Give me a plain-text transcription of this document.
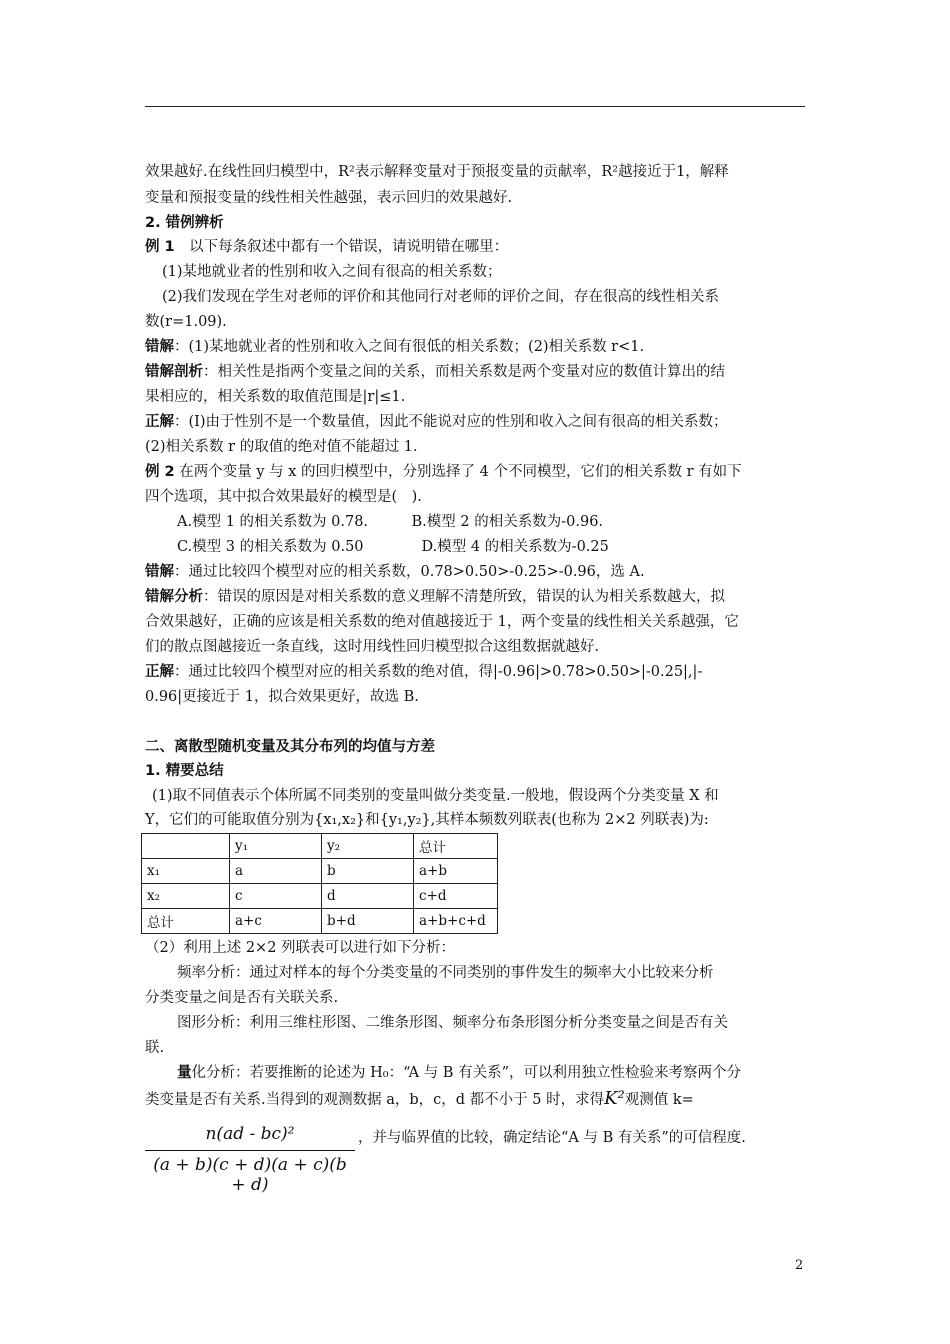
效果越好.在线性回归模型中，R²表示解释变量对于预报变量的贡献率，R²越接近于1，解释
变量和预报变量的线性相关性越强，表示回归的效果越好.
2. 错例辨析
例 1　以下每条叙述中都有一个错误，请说明错在哪里：
(1)某地就业者的性别和收入之间有很高的相关系数；
(2)我们发现在学生对老师的评价和其他同行对老师的评价之间，存在很高的线性相关系
数(r=1.09).
错解：(1)某地就业者的性别和收入之间有很低的相关系数；(2)相关系数 r<1.
错解剖析：相关性是指两个变量之间的关系，而相关系数是两个变量对应的数值计算出的结
果相应的，相关系数的取值范围是|r|≤1.
正解：(I)由于性别不是一个数量值，因此不能说对应的性别和收入之间有很高的相关系数；
(2)相关系数 r 的取值的绝对值不能超过 1.
例 2 在两个变量 y 与 x 的回归模型中，分别选择了 4 个不同模型，它们的相关系数 r 有如下
四个选项，其中拟合效果最好的模型是(　).
A.模型 1 的相关系数为 0.78.　　　B.模型 2 的相关系数为-0.96.
C.模型 3 的相关系数为 0.50　　　　D.模型 4 的相关系数为-0.25
错解：通过比较四个模型对应的相关系数，0.78>0.50>-0.25>-0.96，选 A.
错解分析：错误的原因是对相关系数的意义理解不清楚所致，错误的认为相关系数越大，拟
合效果越好，正确的应该是相关系数的绝对值越接近于 1，两个变量的线性相关关系越强，它
们的散点图越接近一条直线，这时用线性回归模型拟合这组数据就越好.
正解：通过比较四个模型对应的相关系数的绝对值，得|-0.96|>0.78>0.50>|-0.25|,|-
0.96|更接近于 1，拟合效果更好，故选 B.
二、离散型随机变量及其分布列的均值与方差
1. 精要总结
(1)取不同值表示个体所属不同类别的变量叫做分类变量.一般地，假设两个分类变量 X 和
Y，它们的可能取值分别为{x₁,x₂}和{y₁,y₂},其样本频数列联表(也称为 2×2 列联表)为:
	y₁	y₂	总计
x₁	a	b	a+b
x₂	c	d	c+d
总计	a+c	b+d	a+b+c+d
（2）利用上述 2×2 列联表可以进行如下分析：
频率分析：通过对样本的每个分类变量的不同类别的事件发生的频率大小比较来分析
分类变量之间是否有关联关系.
图形分析：利用三维柱形图、二维条形图、频率分布条形图分析分类变量之间是否有关
联.
量化分析：若要推断的论述为 H₀：“A 与 B 有关系”，可以利用独立性检验来考察两个分
类变量是否有关系.当得到的观测数据 a，b，c，d 都不小于 5 时，求得K²观测值 k=
n(ad - bc)²
(a + b)(c + d)(a + c)(b + d)
，并与临界值的比较，确定结论“A 与 B 有关系”的可信程度.
2
